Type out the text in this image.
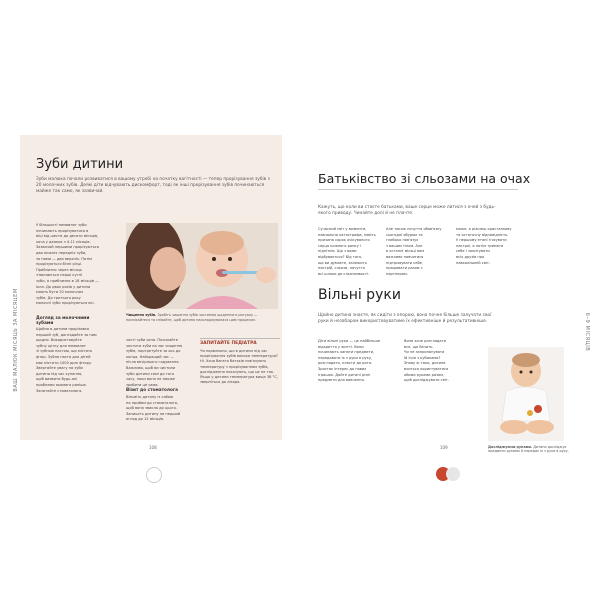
ВАШ МАЛЮК МІСЯЦЬ ЗА МІСЯЦЕМ
Зуби дитини
Зуби малюка почали розвиватися в вашому утробі на початку вагітності — тепер прорізування зубів з 20 молочних зубів. Деякі діти відчувають дискомфорт, тоді як інші прорізування зубів починаються майже так само, як зазвичай.
У більшості немовлят зуби
починають прорізуватися в
віці від шести до десяти місяців,
хоча у деяких з 4-11 місяців.
Зазвичай першими прорізуються
два нижніх передніх зуби,
за ними — два верхніх. Потім
прорізуються бічні різці.
Приблизно через місяць
з'являються перші кутні
зуби, а приблизно в 18 місяців —
ікла. До двох років у дитини
мають бути 20 молочних
зубів. До третього року
молочні зуби прорізуються всі.
Догляд за молочними
зубами
Щойно в дитини прорізався
перший зуб, доглядайте за ним
щодня. Використовуйте
зубну щітку для немовлят
зі зубною пастою, що містить
фтор. Зубна паста для дітей
має містити 1000 ppm фтору.
Звертайте увагу на зуби
дитини під час купання,
щоб виявити будь-які
проблеми якомога раніше.
Запитайте стоматолога.
Чищення зубів. Зробіть чищення зубів частиною щоденного ритуалу — посміхайтеся та співайте, щоб дитина насолоджувалася цим процесом.
чисті зуби ясна. Починайте
чистити зуби на час чищення
зубів, портретуйте за ось до
конця. Найкращий час —
після вечірнього годування.
Важливо, щоб ви чистили
зуби дитини самі до того
часу, поки вона не зможе
зробити це сама.
Візит до стоматолога
Візьміть дитину із собою
на прийом до стоматолога,
щоб вона звикла до цього.
Запишіть дитину на перший
огляд до 12 місяців.
ЗАПИТАЙТЕ ПЕДІАТРА
Чи нормально, що в дитини під час прорізування зубів висока температура? Ні. Хоча багато батьків пов'язують температуру з прорізуванням зубів, дослідження показують, що це не так. Якщо у дитини температура вище 38 °C, зверніться до лікаря.
108
Батьківство зі сльозами на очах
Кажуть, що коли ви стаєте батьками, ваше серце може литися з очей з будь-якого приводу. Чинайте долі й не плачте.
Сучасний світ у моменти,
навчальна катастрофа, навіть
причина сорок очікуваного
серця кожного ранку і
підлітків. Що з вами
відбувається? Від того,
що ви думаєте, залежить
настрій, сльози, почуття
всі шляхи до сльозливості.
Але також почуття обов'язку
сьогодні обурює та
глибоко пов'язує
з вашим тілом. Але
в останні місяці вам
важливо навчитися
підтримувати себе,
працювати разом з
партнером.
може, а ріжнеш кристалкову
та остаточну відповідність.
У першому етапі з'ясувати
настрої, а потім тримати
себе і запитувати
всіх друзів про
навколишній світ.
Вільні руки
Щойно дитина знаєте, як сидіти з опорою, вона почне більше залучати свої руки й незабаром використовуватиме їх ефективніше й результативніше.
Діти вільні руки — це найбільше
відкриття у житті. Вони
починають хапати предмети,
передавати їх з руки в руку,
розглядати, класти до рота.
Зростає інтерес до нових
іграшок. Дайте дитині різні
предмети для вивчення.
Вона хоче розглядати
все, що бачить.
Чи не запропонувати
їй ігри з кубиками?
Знову ж таки, дитина
вчиться користуватися
обома руками разом,
щоб досліджувати світ.
Досліджуючи руками. Дитина досліджує предмети руками й передає їх з руки в руку.
6–9 МІСЯЦІВ
109
